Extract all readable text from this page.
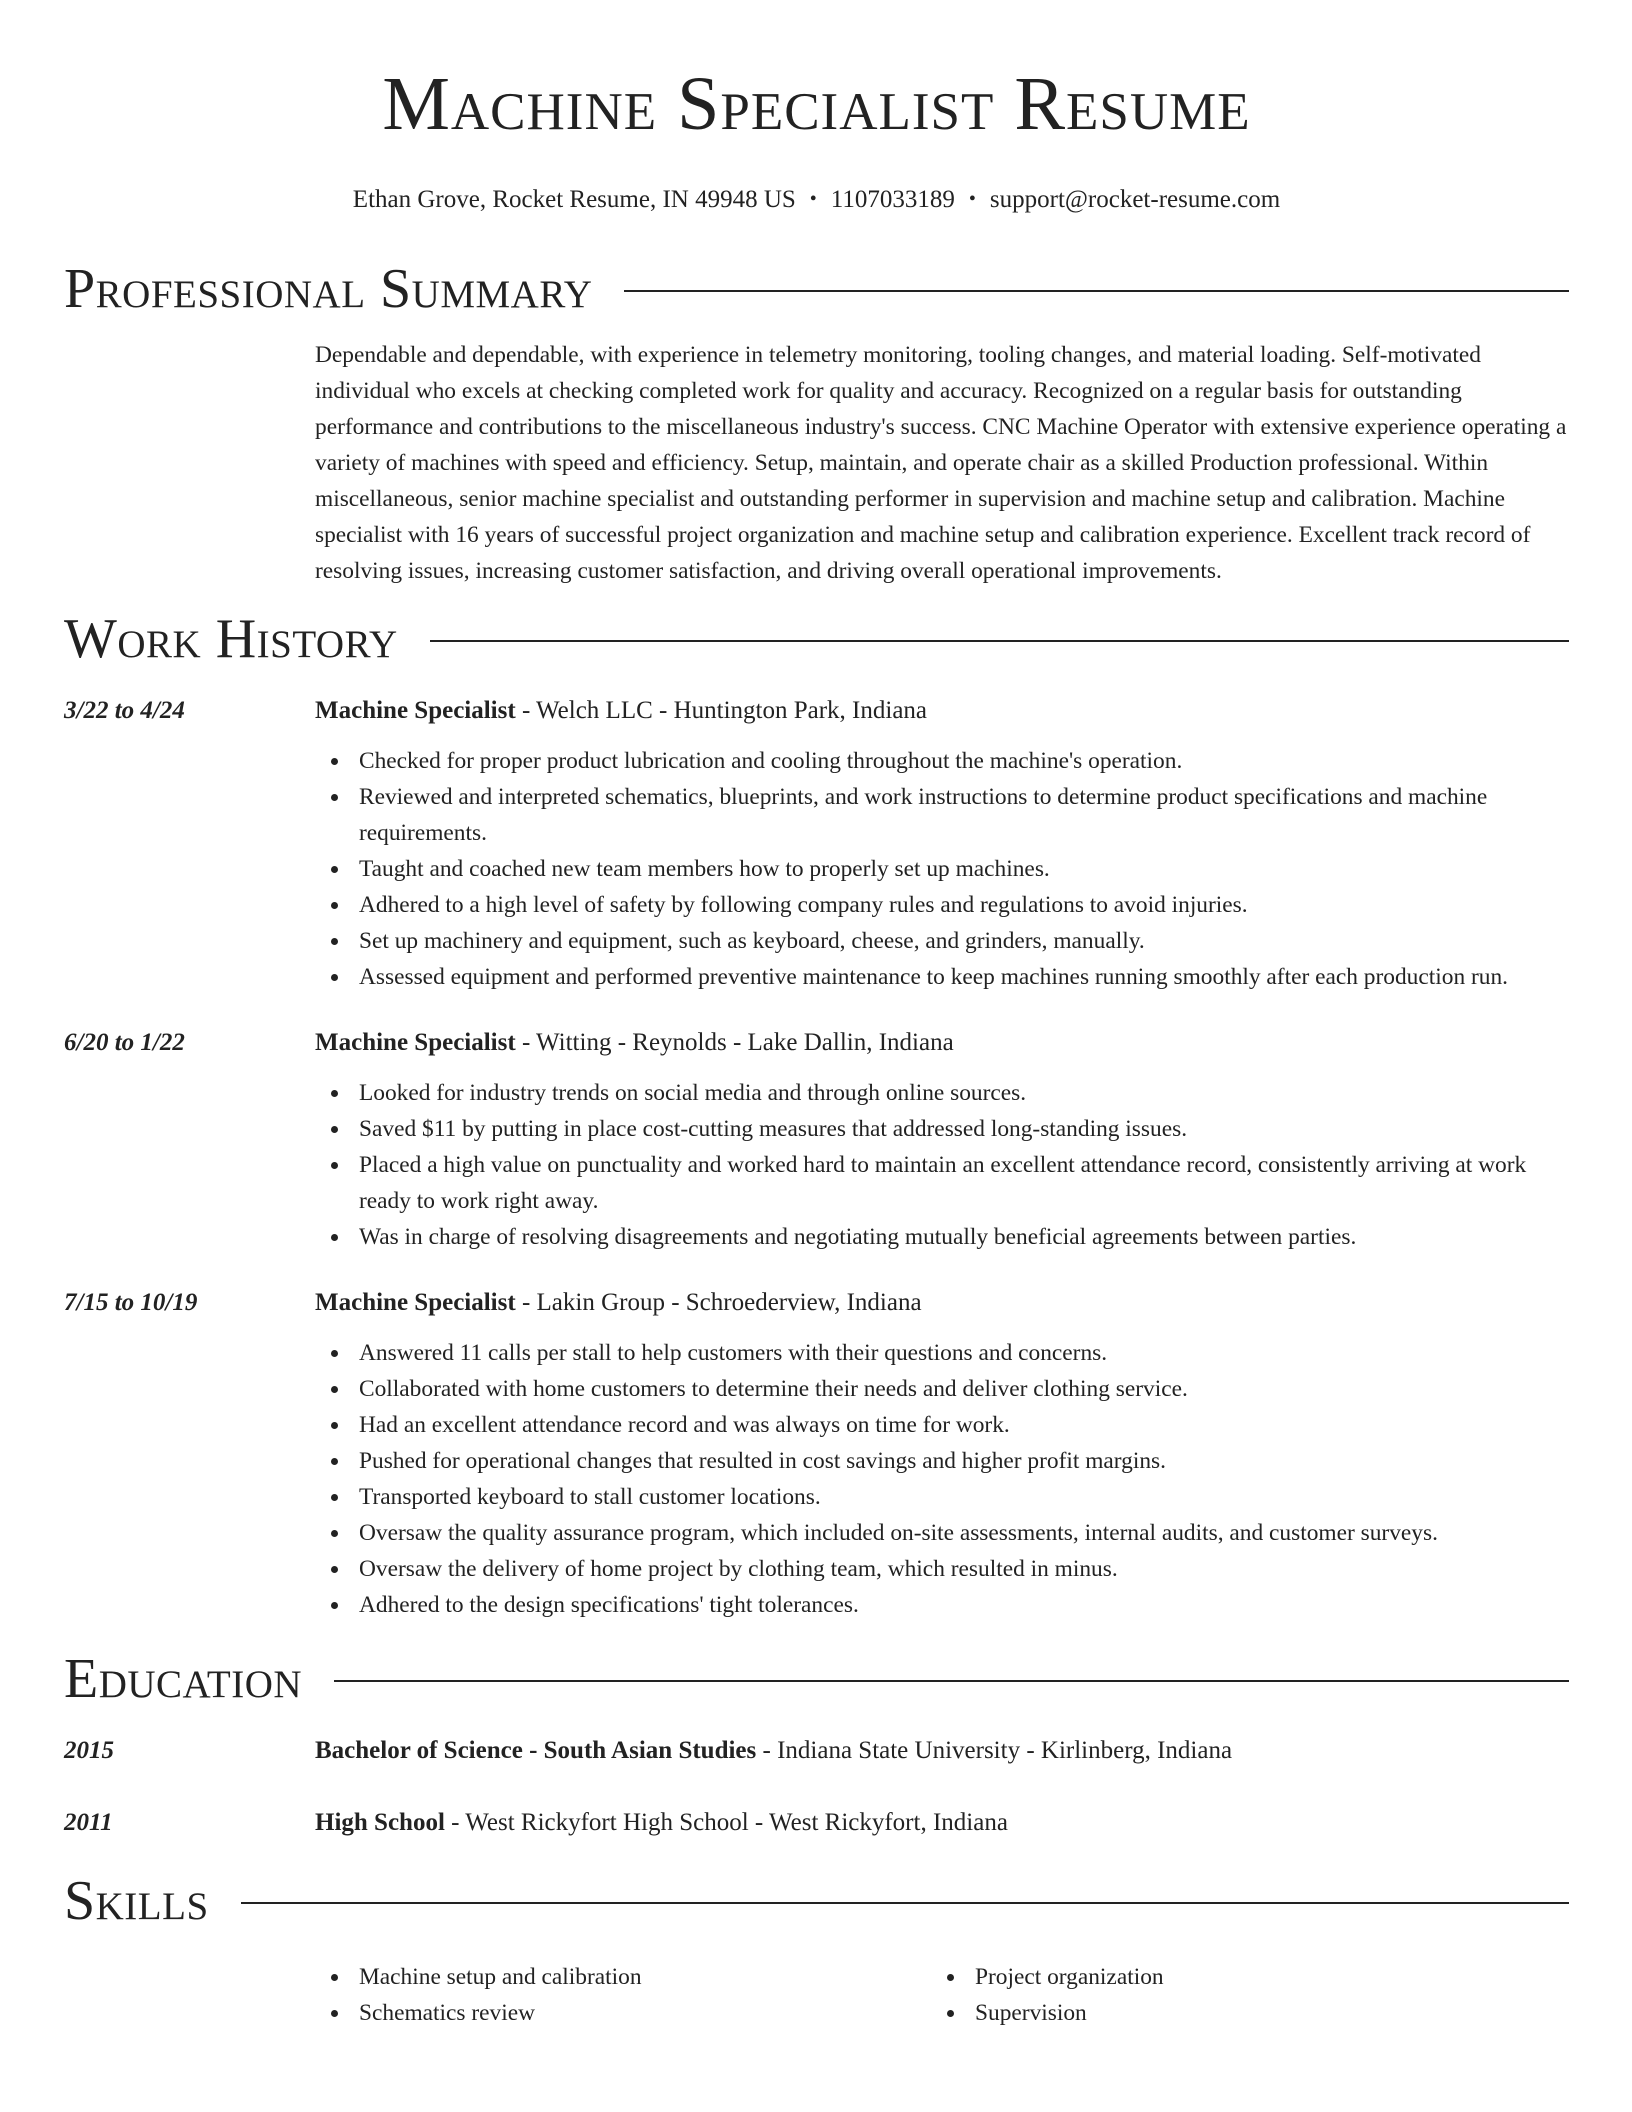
Machine Specialist Resume
Ethan Grove, Rocket Resume, IN 49948 US • 1107033189 • support@rocket-resume.com
Professional Summary

Dependable and dependable, with experience in telemetry monitoring, tooling changes, and material loading. Self-motivated individual who excels at checking completed work for quality and accuracy. Recognized on a regular basis for outstanding performance and contributions to the miscellaneous industry's success. CNC Machine Operator with extensive experience operating a variety of machines with speed and efficiency. Setup, maintain, and operate chair as a skilled Production professional. Within miscellaneous, senior machine specialist and outstanding performer in supervision and machine setup and calibration. Machine specialist with 16 years of successful project organization and machine setup and calibration experience. Excellent track record of resolving issues, increasing customer satisfaction, and driving overall operational improvements.

Work History
3/22 to 4/24	Machine Specialist - Welch LLC - Huntington Park, Indiana
Checked for proper product lubrication and cooling throughout the machine's operation.
Reviewed and interpreted schematics, blueprints, and work instructions to determine product specifications and machine requirements.
Taught and coached new team members how to properly set up machines.
Adhered to a high level of safety by following company rules and regulations to avoid injuries.
Set up machinery and equipment, such as keyboard, cheese, and grinders, manually.
Assessed equipment and performed preventive maintenance to keep machines running smoothly after each production run.
6/20 to 1/22	Machine Specialist - Witting - Reynolds - Lake Dallin, Indiana
Looked for industry trends on social media and through online sources.
Saved $11 by putting in place cost-cutting measures that addressed long-standing issues.
Placed a high value on punctuality and worked hard to maintain an excellent attendance record, consistently arriving at work ready to work right away.
Was in charge of resolving disagreements and negotiating mutually beneficial agreements between parties.
7/15 to 10/19	Machine Specialist - Lakin Group - Schroederview, Indiana
Answered 11 calls per stall to help customers with their questions and concerns.
Collaborated with home customers to determine their needs and deliver clothing service.
Had an excellent attendance record and was always on time for work.
Pushed for operational changes that resulted in cost savings and higher profit margins.
Transported keyboard to stall customer locations.
Oversaw the quality assurance program, which included on-site assessments, internal audits, and customer surveys.
Oversaw the delivery of home project by clothing team, which resulted in minus.
Adhered to the design specifications' tight tolerances.
Education
2015	Bachelor of Science - South Asian Studies - Indiana State University - Kirlinberg, Indiana
2011	High School - West Rickyfort High School - West Rickyfort, Indiana
Skills
Machine setup and calibration
Schematics review
Project organization
Supervision
